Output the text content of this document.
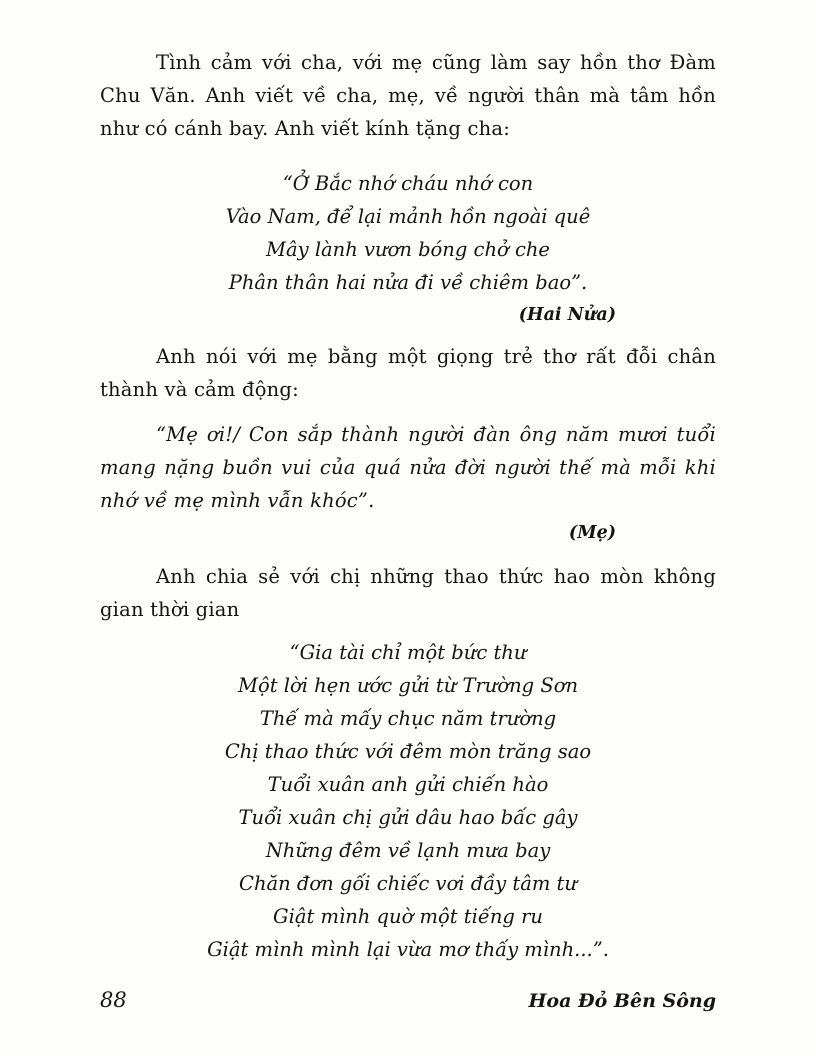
Tình cảm với cha, với mẹ cũng làm say hồn thơ Đàm Chu Văn. Anh viết về cha, mẹ, về người thân mà tâm hồn như có cánh bay. Anh viết kính tặng cha:

“Ở Bắc nhớ cháu nhớ con
Vào Nam, để lại mảnh hồn ngoài quê
Mây lành vươn bóng chở che
Phân thân hai nửa đi về chiêm bao”.
(Hai Nửa)

Anh nói với mẹ bằng một giọng trẻ thơ rất đỗi chân thành và cảm động:

“Mẹ ơi!/ Con sắp thành người đàn ông năm mươi tuổi mang nặng buồn vui của quá nửa đời người thế mà mỗi khi nhớ về mẹ mình vẫn khóc”.

(Mẹ)

Anh chia sẻ với chị những thao thức hao mòn không gian thời gian

“Gia tài chỉ một bức thư
Một lời hẹn ước gửi từ Trường Sơn
Thế mà mấy chục năm trường
Chị thao thức với đêm mòn trăng sao
Tuổi xuân anh gửi chiến hào
Tuổi xuân chị gửi dâu hao bấc gây
Những đêm về lạnh mưa bay
Chăn đơn gối chiếc vơi đầy tâm tư
Giật mình quờ một tiếng ru
Giật mình mình lại vừa mơ thấy mình...”.
88	Hoa Đỏ Bên Sông
